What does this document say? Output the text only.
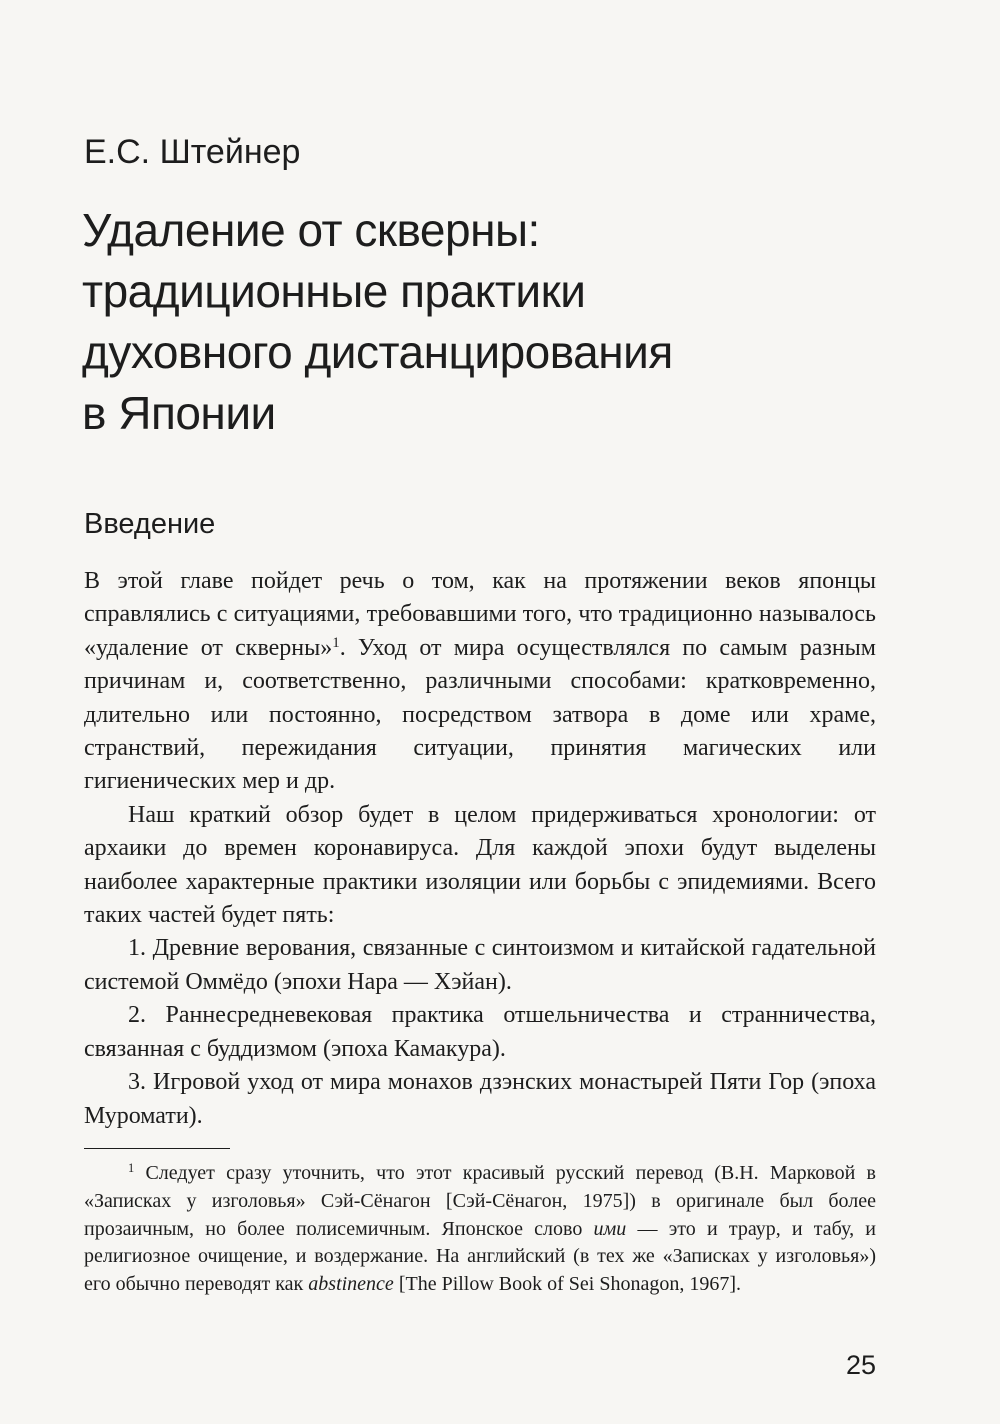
Е.С. Штейнер
Удаление от скверны:
традиционные практики
духовного дистанцирования
в Японии
Введение

В этой главе пойдет речь о том, как на протяжении веков японцы справлялись с ситуациями, требовавшими того, что традиционно называлось «удаление от скверны»$^1$. Уход от мира осуществлялся по самым разным причинам и, соответственно, различными способами: кратковременно, длительно или постоянно, посредством затвора в доме или храме, странствий, пережидания ситуации, принятия магических или гигиенических мер и др.

Наш краткий обзор будет в целом придерживаться хронологии: от архаики до времен коронавируса. Для каждой эпохи будут выделены наиболее характерные практики изоляции или борьбы с эпидемиями. Всего таких частей будет пять:

1. Древние верования, связанные с синтоизмом и китайской гадательной системой Оммёдо (эпохи Нара — Хэйан).
2. Раннесредневековая практика отшельничества и странничества, связанная с буддизмом (эпоха Камакура).
3. Игровой уход от мира монахов дзэнских монастырей Пяти Гор (эпоха Муромати).
$^1$ Следует сразу уточнить, что этот красивый русский перевод (В.Н. Марковой в «Записках у изголовья» Сэй-Сёнагон [Сэй-Сёнагон, 1975]) в оригинале был более прозаичным, но более полисемичным. Японское слово ими — это и траур, и табу, и религиозное очищение, и воздержание. На английский (в тех же «Записках у изголовья») его обычно переводят как abstinence [The Pillow Book of Sei Shonagon, 1967].
25
